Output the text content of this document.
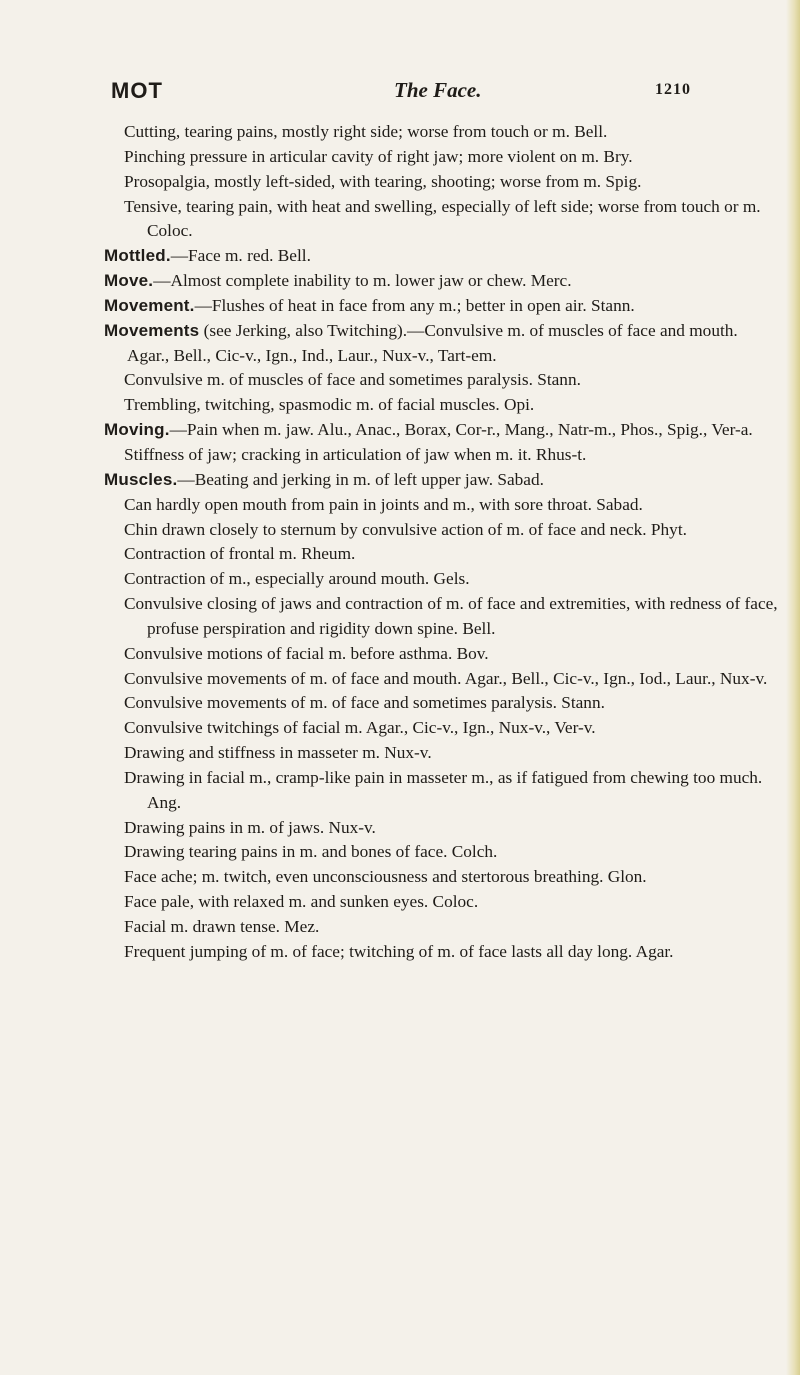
MOT	The Face.	1210
Cutting, tearing pains, mostly right side; worse from touch or m. Bell.
Pinching pressure in articular cavity of right jaw; more violent on m. Bry.
Prosopalgia, mostly left-sided, with tearing, shooting; worse from m. Spig.
Tensive, tearing pain, with heat and swelling, especially of left side; worse from touch or m. Coloc.
Mottled.—Face m. red. Bell.
Move.—Almost complete inability to m. lower jaw or chew. Merc.
Movement.—Flushes of heat in face from any m.; better in open air. Stann.
Movements (see Jerking, also Twitching).—Convulsive m. of muscles of face and mouth. Agar., Bell., Cic-v., Ign., Ind., Laur., Nux-v., Tart-em.
Convulsive m. of muscles of face and sometimes paralysis. Stann.
Trembling, twitching, spasmodic m. of facial muscles. Opi.
Moving.—Pain when m. jaw. Alu., Anac., Borax, Cor-r., Mang., Natr-m., Phos., Spig., Ver-a.
Stiffness of jaw; cracking in articulation of jaw when m. it. Rhus-t.
Muscles.—Beating and jerking in m. of left upper jaw. Sabad.
Can hardly open mouth from pain in joints and m., with sore throat. Sabad.
Chin drawn closely to sternum by convulsive action of m. of face and neck. Phyt.
Contraction of frontal m. Rheum.
Contraction of m., especially around mouth. Gels.
Convulsive closing of jaws and contraction of m. of face and extremities, with redness of face, profuse perspiration and rigidity down spine. Bell.
Convulsive motions of facial m. before asthma. Bov.
Convulsive movements of m. of face and mouth. Agar., Bell., Cic-v., Ign., Iod., Laur., Nux-v.
Convulsive movements of m. of face and sometimes paralysis. Stann.
Convulsive twitchings of facial m. Agar., Cic-v., Ign., Nux-v., Ver-v.
Drawing and stiffness in masseter m. Nux-v.
Drawing in facial m., cramp-like pain in masseter m., as if fatigued from chewing too much. Ang.
Drawing pains in m. of jaws. Nux-v.
Drawing tearing pains in m. and bones of face. Colch.
Face ache; m. twitch, even unconsciousness and stertorous breathing. Glon.
Face pale, with relaxed m. and sunken eyes. Coloc.
Facial m. drawn tense. Mez.
Frequent jumping of m. of face; twitching of m. of face lasts all day long. Agar.
